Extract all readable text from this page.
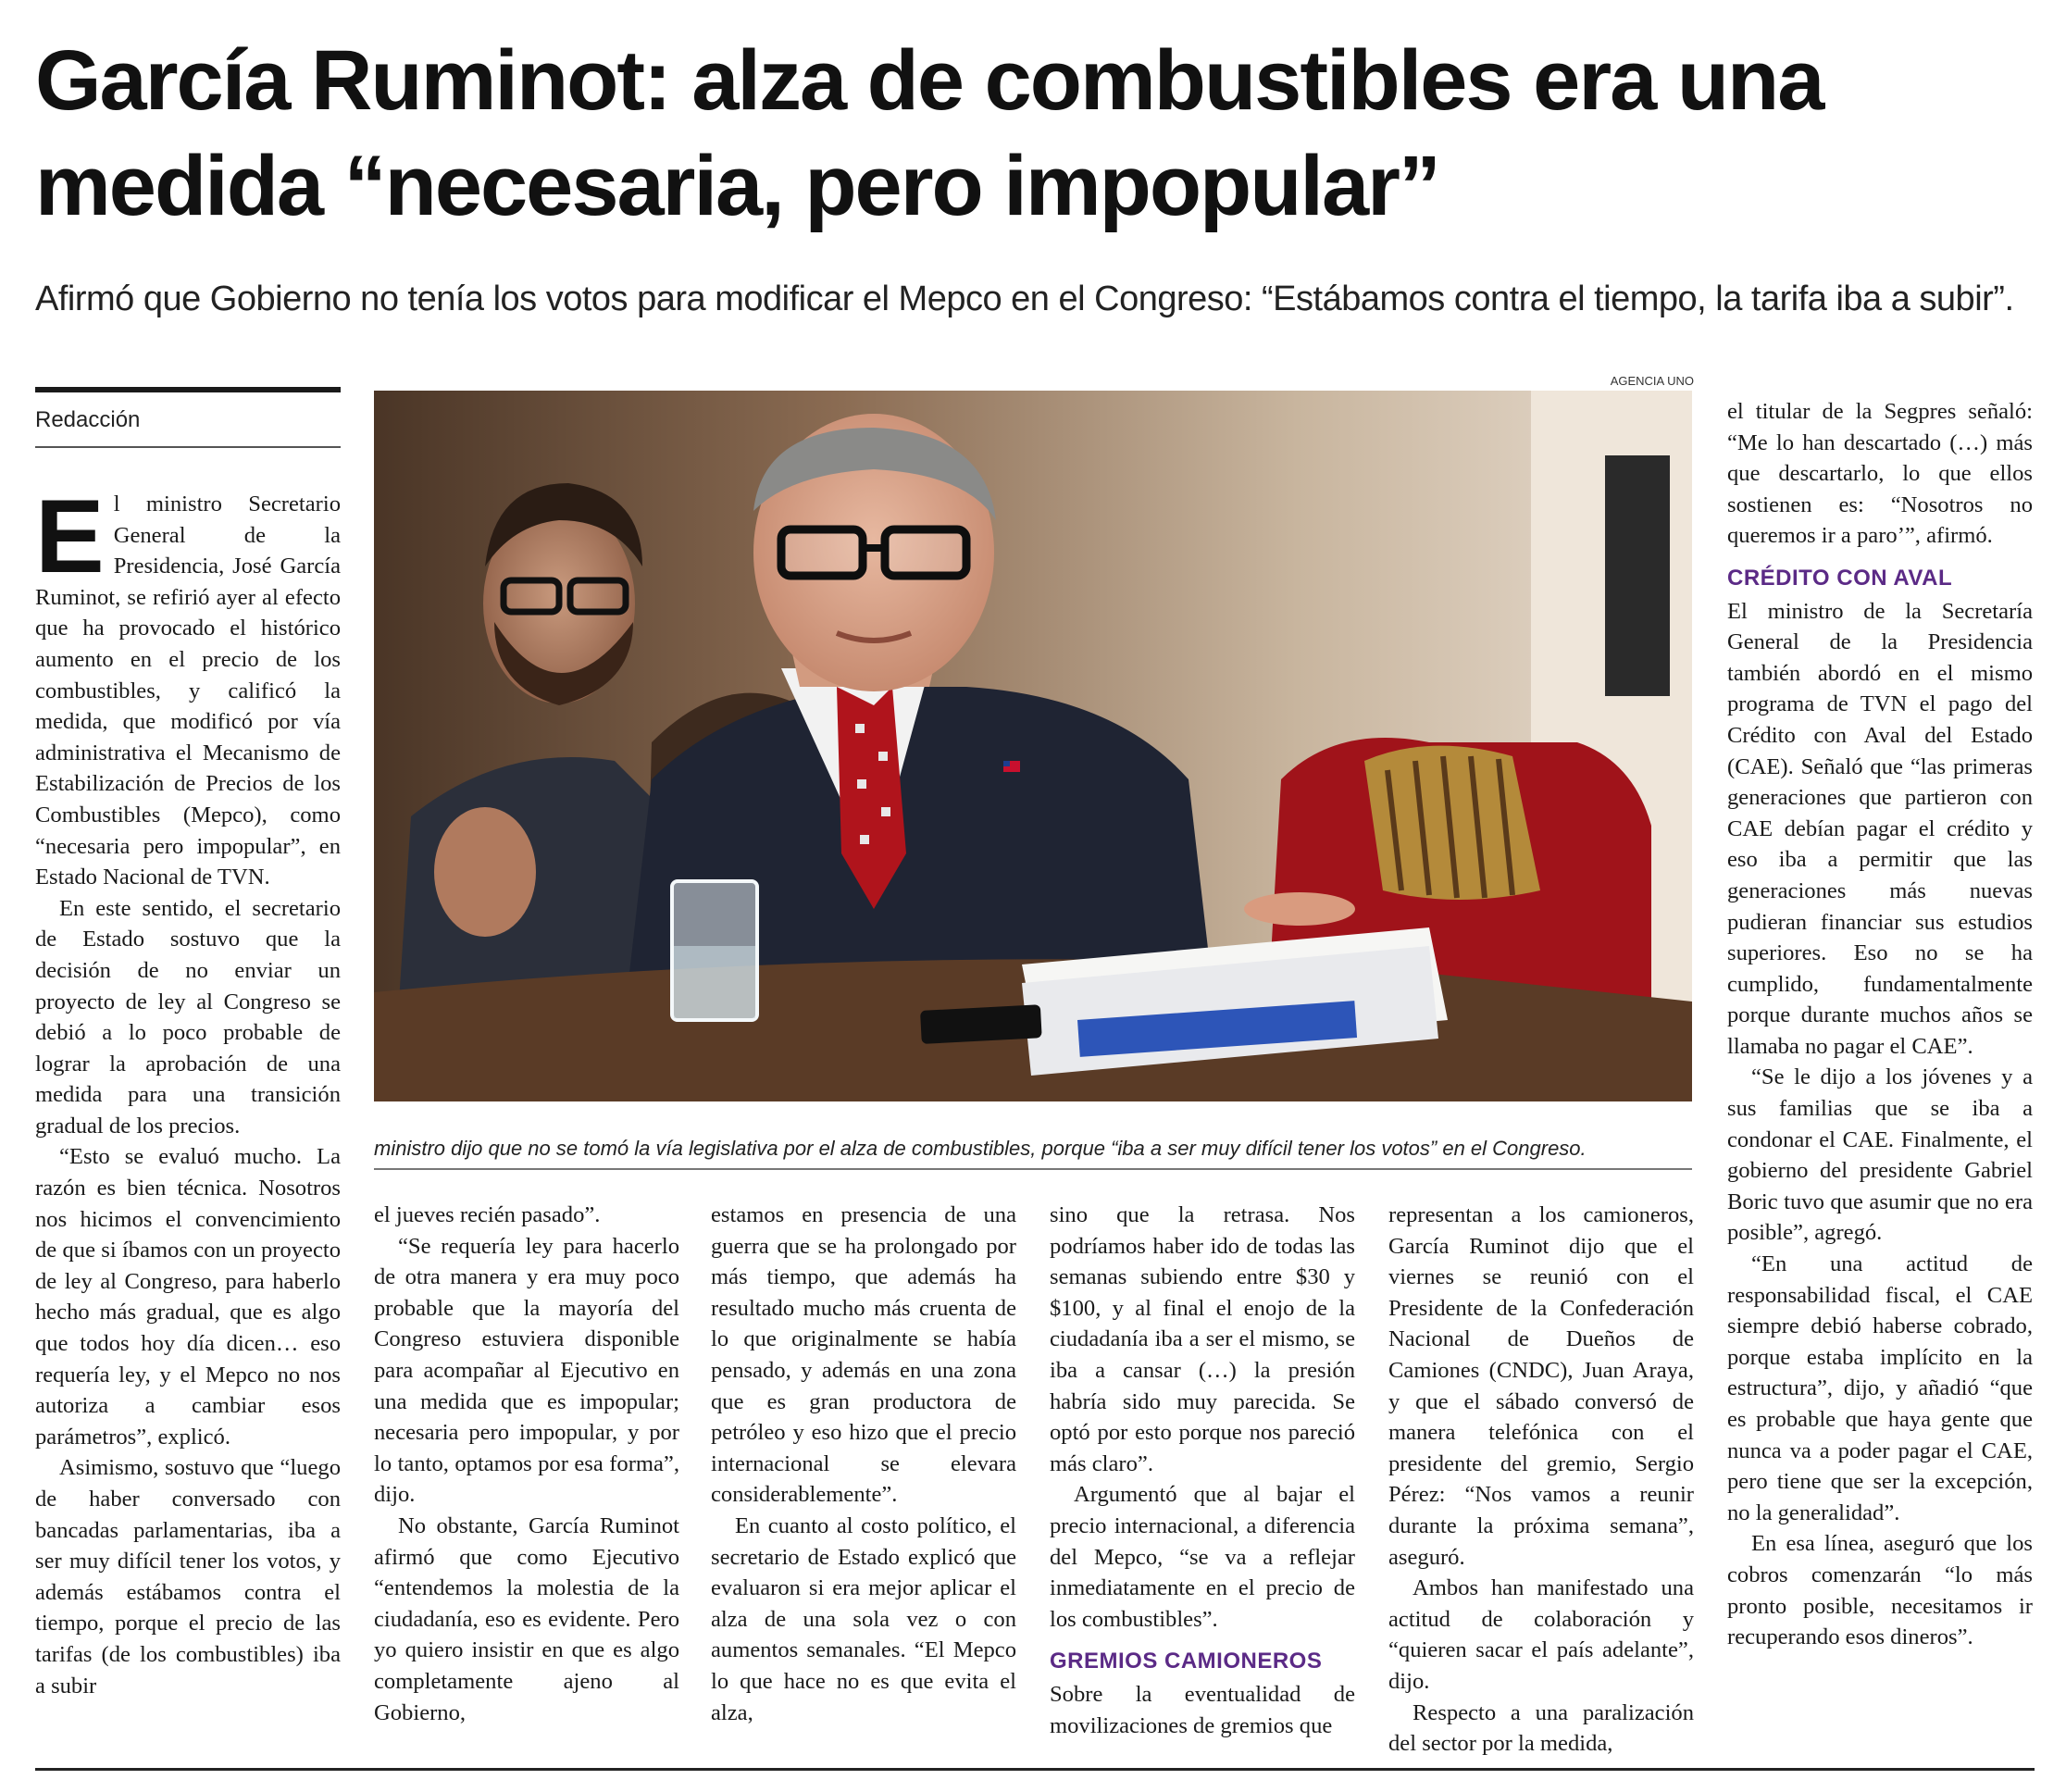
García Ruminot: alza de combustibles era una medida “necesaria, pero impopular”
Afirmó que Gobierno no tenía los votos para modificar el Mepco en el Congreso: “Estábamos contra el tiempo, la tarifa iba a subir”.
Redacción
E l ministro Secretario General de la Presidencia, José García Ruminot, se refirió ayer al efecto que ha provocado el histórico aumento en el precio de los combustibles, y calificó la medida, que modificó por vía administrativa el Mecanismo de Estabilización de Precios de los Combustibles (Mepco), como “necesaria pero impopular”, en Estado Nacional de TVN.

En este sentido, el secretario de Estado sostuvo que la decisión de no enviar un proyecto de ley al Congreso se debió a lo poco probable de lograr la aprobación de una medida para una transición gradual de los precios.

“Esto se evaluó mucho. La razón es bien técnica. Nosotros nos hicimos el convencimiento de que si íbamos con un proyecto de ley al Congreso, para haberlo hecho más gradual, que es algo que todos hoy día dicen… eso requería ley, y el Mepco no nos autoriza a cambiar esos parámetros”, explicó.

Asimismo, sostuvo que “luego de haber conversado con bancadas parlamentarias, iba a ser muy difícil tener los votos, y además estábamos contra el tiempo, porque el precio de las tarifas (de los combustibles) iba a subir

AGENCIA UNO
ministro dijo que no se tomó la vía legislativa por el alza de combustibles, porque “iba a ser muy difícil tener los votos” en el Congreso.

el jueves recién pasado”.

“Se requería ley para hacerlo de otra manera y era muy poco probable que la mayoría del Congreso estuviera disponible para acompañar al Ejecutivo en una medida que es impopular; necesaria pero impopular, y por lo tanto, optamos por esa forma”, dijo.

No obstante, García Ruminot afirmó que como Ejecutivo “entendemos la molestia de la ciudadanía, eso es evidente. Pero yo quiero insistir en que es algo completamente ajeno al Gobierno,

estamos en presencia de una guerra que se ha prolongado por más tiempo, que además ha resultado mucho más cruenta de lo que originalmente se había pensado, y además en una zona que es gran productora de petróleo y eso hizo que el precio internacional se elevara considerablemente”.

En cuanto al costo político, el secretario de Estado explicó que evaluaron si era mejor aplicar el alza de una sola vez o con aumentos semanales. “El Mepco lo que hace no es que evita el alza,

sino que la retrasa. Nos podríamos haber ido de todas las semanas subiendo entre $30 y $100, y al final el enojo de la ciudadanía iba a ser el mismo, se iba a cansar (…) la presión habría sido muy parecida. Se optó por esto porque nos pareció más claro”.

Argumentó que al bajar el precio internacional, a diferencia del Mepco, “se va a reflejar inmediatamente en el precio de los combustibles”.

GREMIOS CAMIONEROS

Sobre la eventualidad de movilizaciones de gremios que

representan a los camioneros, García Ruminot dijo que el viernes se reunió con el Presidente de la Confederación Nacional de Dueños de Camiones (CNDC), Juan Araya, y que el sábado conversó de manera telefónica con el presidente del gremio, Sergio Pérez: “Nos vamos a reunir durante la próxima semana”, aseguró.

Ambos han manifestado una actitud de colaboración y “quieren sacar el país adelante”, dijo.

Respecto a una paralización del sector por la medida,

el titular de la Segpres señaló: “Me lo han descartado (…) más que descartarlo, lo que ellos sostienen es: “Nosotros no queremos ir a paro’”, afirmó.

CRÉDITO CON AVAL

El ministro de la Secretaría General de la Presidencia también abordó en el mismo programa de TVN el pago del Crédito con Aval del Estado (CAE). Señaló que “las primeras generaciones que partieron con CAE debían pagar el crédito y eso iba a permitir que las generaciones más nuevas pudieran financiar sus estudios superiores. Eso no se ha cumplido, fundamentalmente porque durante muchos años se llamaba no pagar el CAE”.

“Se le dijo a los jóvenes y a sus familias que se iba a condonar el CAE. Finalmente, el gobierno del presidente Gabriel Boric tuvo que asumir que no era posible”, agregó.

“En una actitud de responsabilidad fiscal, el CAE siempre debió haberse cobrado, porque estaba implícito en la estructura”, dijo, y añadió “que es probable que haya gente que nunca va a poder pagar el CAE, pero tiene que ser la excepción, no la generalidad”.

En esa línea, aseguró que los cobros comenzarán “lo más pronto posible, necesitamos ir recuperando esos dineros”.
